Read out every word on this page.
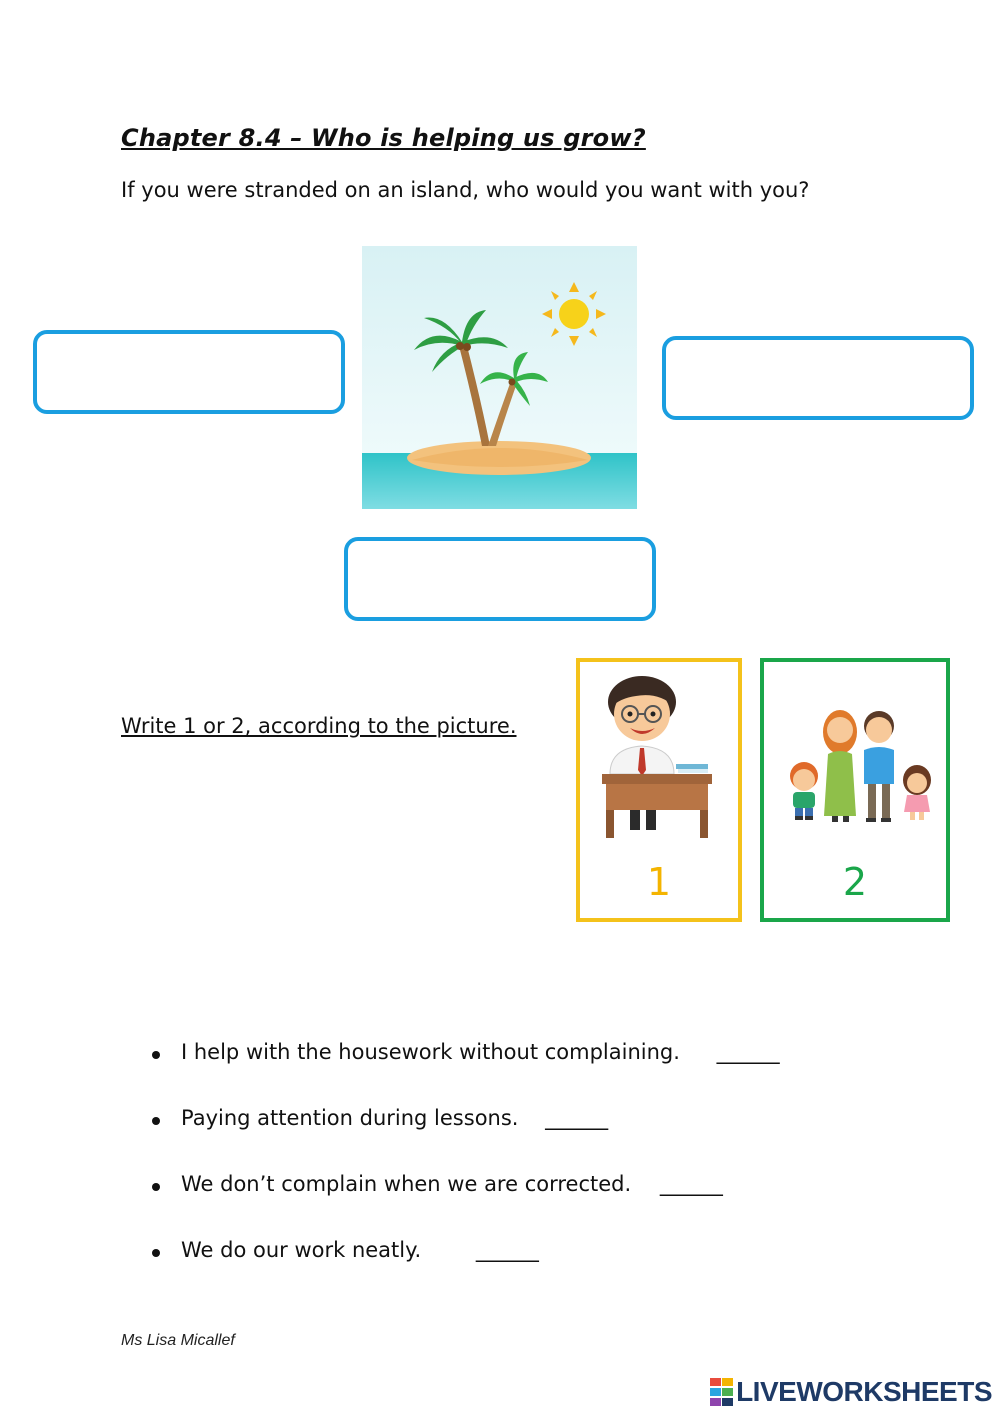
Chapter 8.4 – Who is helping us grow?
If you were stranded on an island, who would you want with you?
Write 1 or 2, according to the picture.
1	2
I help with the housework without complaining. ______
Paying attention during lessons. ______
We don’t complain when we are corrected. ______
We do our work neatly.	______
Ms Lisa Micallef
LIVEWORKSHEETS
